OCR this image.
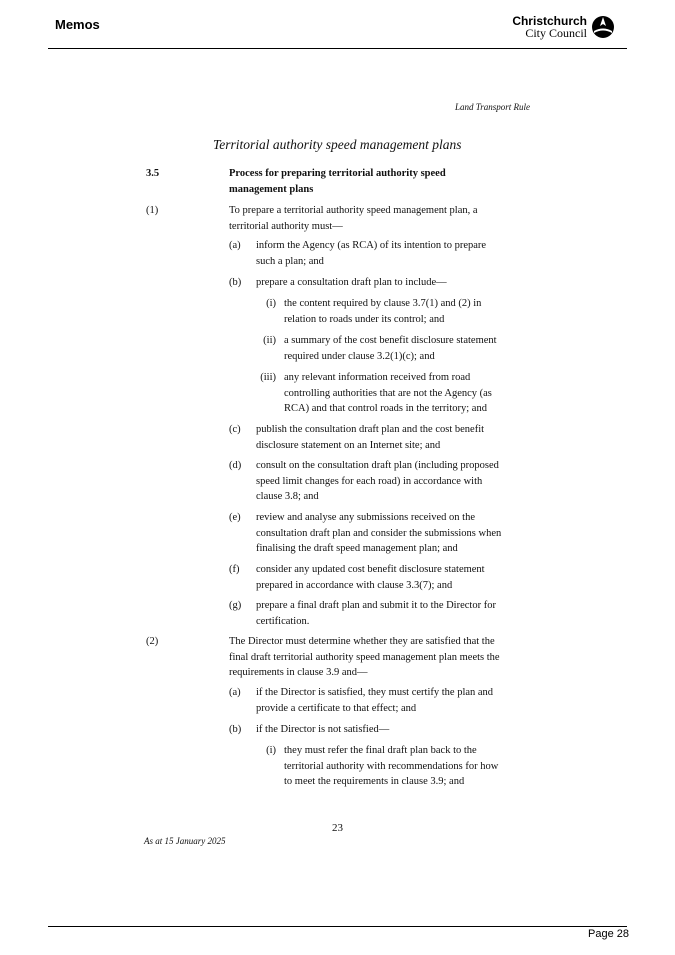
Memos	Christchurch
City Council
Land Transport Rule
Territorial authority speed management plans
3.5	Process for preparing territorial authority speed
management plans
(1)	To prepare a territorial authority speed management plan, a
territorial authority must—
(a) inform the Agency (as RCA) of its intention to prepare
such a plan; and
(b) prepare a consultation draft plan to include—
(i) the content required by clause 3.7(1) and (2) in
relation to roads under its control; and
(ii) a summary of the cost benefit disclosure statement
required under clause 3.2(1)(c); and
(iii) any relevant information received from road
controlling authorities that are not the Agency (as
RCA) and that control roads in the territory; and
(c) publish the consultation draft plan and the cost benefit
disclosure statement on an Internet site; and
(d) consult on the consultation draft plan (including proposed
speed limit changes for each road) in accordance with
clause 3.8; and
(e) review and analyse any submissions received on the
consultation draft plan and consider the submissions when
finalising the draft speed management plan; and
(f) consider any updated cost benefit disclosure statement
prepared in accordance with clause 3.3(7); and
(g) prepare a final draft plan and submit it to the Director for
certification.
(2)	The Director must determine whether they are satisfied that the
final draft territorial authority speed management plan meets the
requirements in clause 3.9 and—
(a) if the Director is satisfied, they must certify the plan and
provide a certificate to that effect; and
(b) if the Director is not satisfied—
(i) they must refer the final draft plan back to the
territorial authority with recommendations for how
to meet the requirements in clause 3.9; and
23
As at 15 January 2025
Page 28
